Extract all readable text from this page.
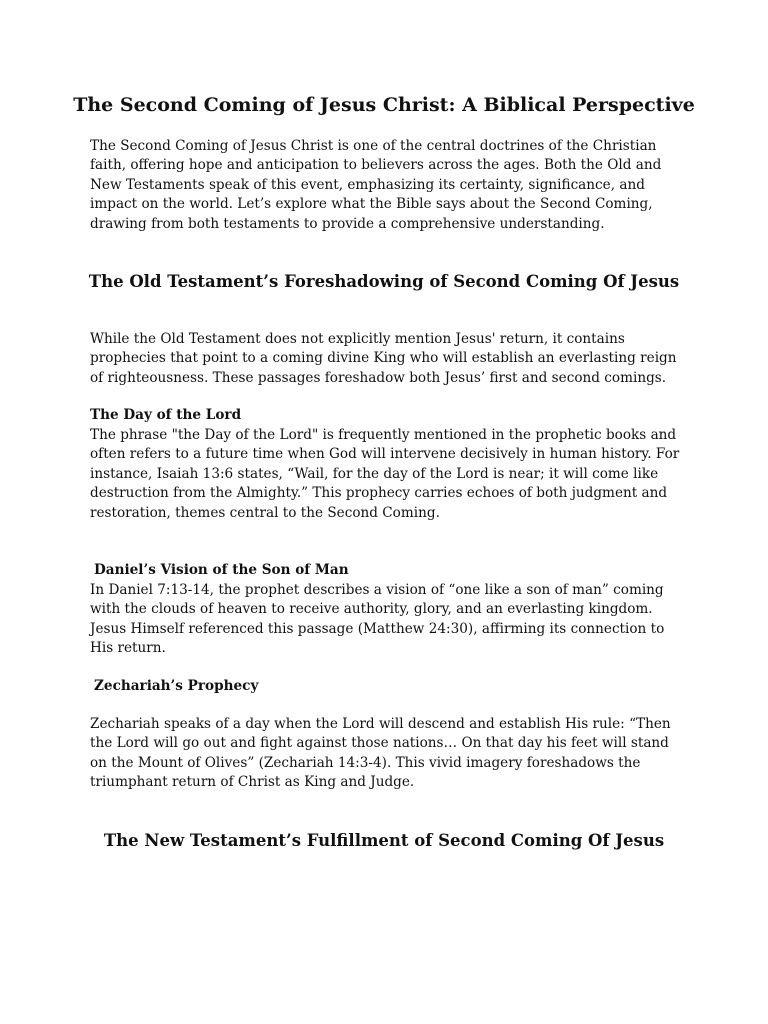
The Second Coming of Jesus Christ: A Biblical Perspective

The Second Coming of Jesus Christ is one of the central doctrines of the Christian faith, offering hope and anticipation to believers across the ages. Both the Old and New Testaments speak of this event, emphasizing its certainty, significance, and impact on the world. Let’s explore what the Bible says about the Second Coming, drawing from both testaments to provide a comprehensive understanding.

The Old Testament’s Foreshadowing of Second Coming Of Jesus

While the Old Testament does not explicitly mention Jesus' return, it contains prophecies that point to a coming divine King who will establish an everlasting reign of righteousness. These passages foreshadow both Jesus’ first and second comings.

The Day of the Lord

The phrase "the Day of the Lord" is frequently mentioned in the prophetic books and often refers to a future time when God will intervene decisively in human history. For instance, Isaiah 13:6 states, “Wail, for the day of the Lord is near; it will come like destruction from the Almighty.” This prophecy carries echoes of both judgment and restoration, themes central to the Second Coming.

Daniel’s Vision of the Son of Man

In Daniel 7:13-14, the prophet describes a vision of “one like a son of man” coming with the clouds of heaven to receive authority, glory, and an everlasting kingdom. Jesus Himself referenced this passage (Matthew 24:30), affirming its connection to His return.

Zechariah’s Prophecy

Zechariah speaks of a day when the Lord will descend and establish His rule: “Then the Lord will go out and fight against those nations… On that day his feet will stand on the Mount of Olives” (Zechariah 14:3-4). This vivid imagery foreshadows the triumphant return of Christ as King and Judge.

The New Testament’s Fulfillment of Second Coming Of Jesus
